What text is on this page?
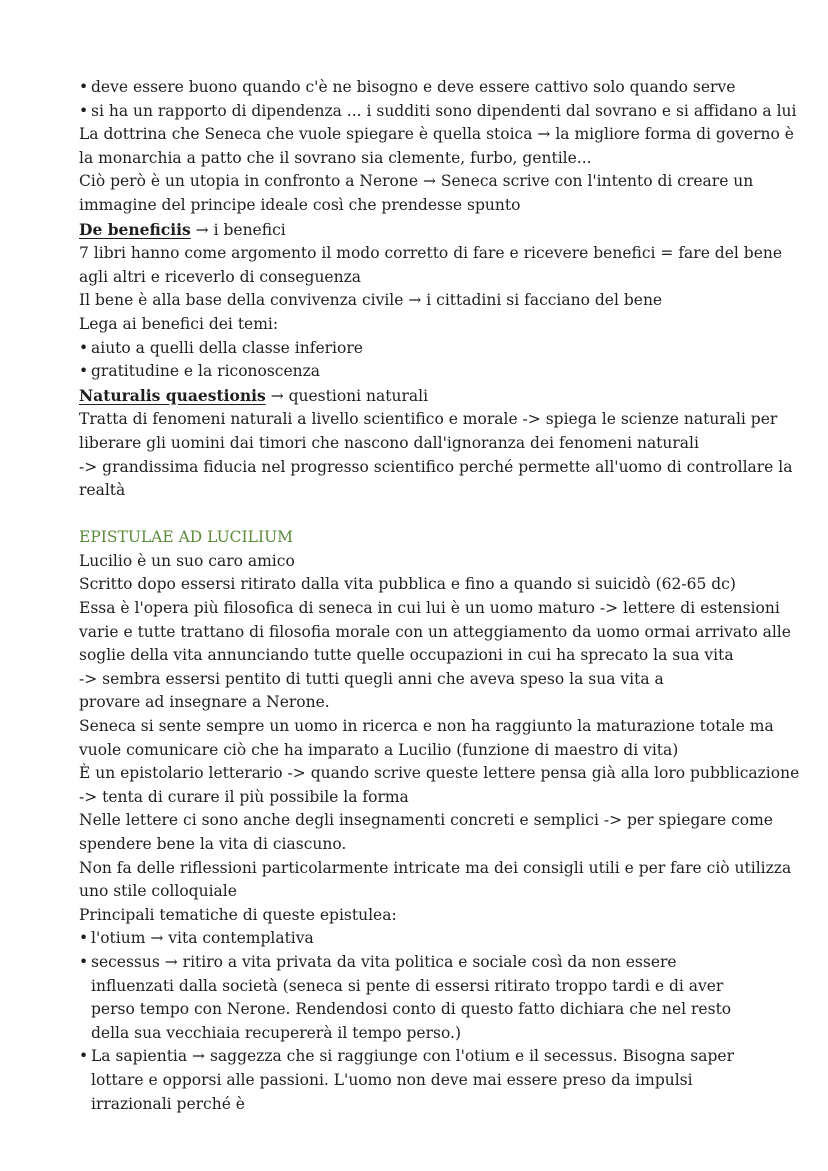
• deve essere buono quando c'è ne bisogno e deve essere cattivo solo quando serve

• si ha un rapporto di dipendenza ... i sudditi sono dipendenti dal sovrano e si affidano a lui

La dottrina che Seneca che vuole spiegare è quella stoica → la migliore forma di governo è

la monarchia a patto che il sovrano sia clemente, furbo, gentile...

Ciò però è un utopia in confronto a Nerone → Seneca scrive con l'intento di creare un

immagine del principe ideale così che prendesse spunto

De beneficiis → i benefici

7 libri hanno come argomento il modo corretto di fare e ricevere benefici = fare del bene

agli altri e riceverlo di conseguenza

Il bene è alla base della convivenza civile → i cittadini si facciano del bene

Lega ai benefici dei temi:

• aiuto a quelli della classe inferiore

• gratitudine e la riconoscenza

Naturalis quaestionis → questioni naturali

Tratta di fenomeni naturali a livello scientifico e morale -> spiega le scienze naturali per

liberare gli uomini dai timori che nascono dall'ignoranza dei fenomeni naturali

-> grandissima fiducia nel progresso scientifico perché permette all'uomo di controllare la

realtà

EPISTULAE AD LUCILIUM

Lucilio è un suo caro amico

Scritto dopo essersi ritirato dalla vita pubblica e fino a quando si suicidò (62-65 dc)

Essa è l'opera più filosofica di seneca in cui lui è un uomo maturo -> lettere di estensioni

varie e tutte trattano di filosofia morale con un atteggiamento da uomo ormai arrivato alle

soglie della vita annunciando tutte quelle occupazioni in cui ha sprecato la sua vita

-> sembra essersi pentito di tutti quegli anni che aveva speso la sua vita a

provare ad insegnare a Nerone.

Seneca si sente sempre un uomo in ricerca e non ha raggiunto la maturazione totale ma

vuole comunicare ciò che ha imparato a Lucilio (funzione di maestro di vita)

È un epistolario letterario -> quando scrive queste lettere pensa già alla loro pubblicazione

-> tenta di curare il più possibile la forma

Nelle lettere ci sono anche degli insegnamenti concreti e semplici -> per spiegare come

spendere bene la vita di ciascuno.

Non fa delle riflessioni particolarmente intricate ma dei consigli utili e per fare ciò utilizza

uno stile colloquiale

Principali tematiche di queste epistulea:

• l'otium → vita contemplativa

• secessus → ritiro a vita privata da vita politica e sociale così da non essere influenzati dalla società (seneca si pente di essersi ritirato troppo tardi e di aver perso tempo con Nerone. Rendendosi conto di questo fatto dichiara che nel resto della sua vecchiaia recupererà il tempo perso.)

• La sapientia → saggezza che si raggiunge con l'otium e il secessus. Bisogna saper lottare e opporsi alle passioni. L'uomo non deve mai essere preso da impulsi irrazionali perché è
